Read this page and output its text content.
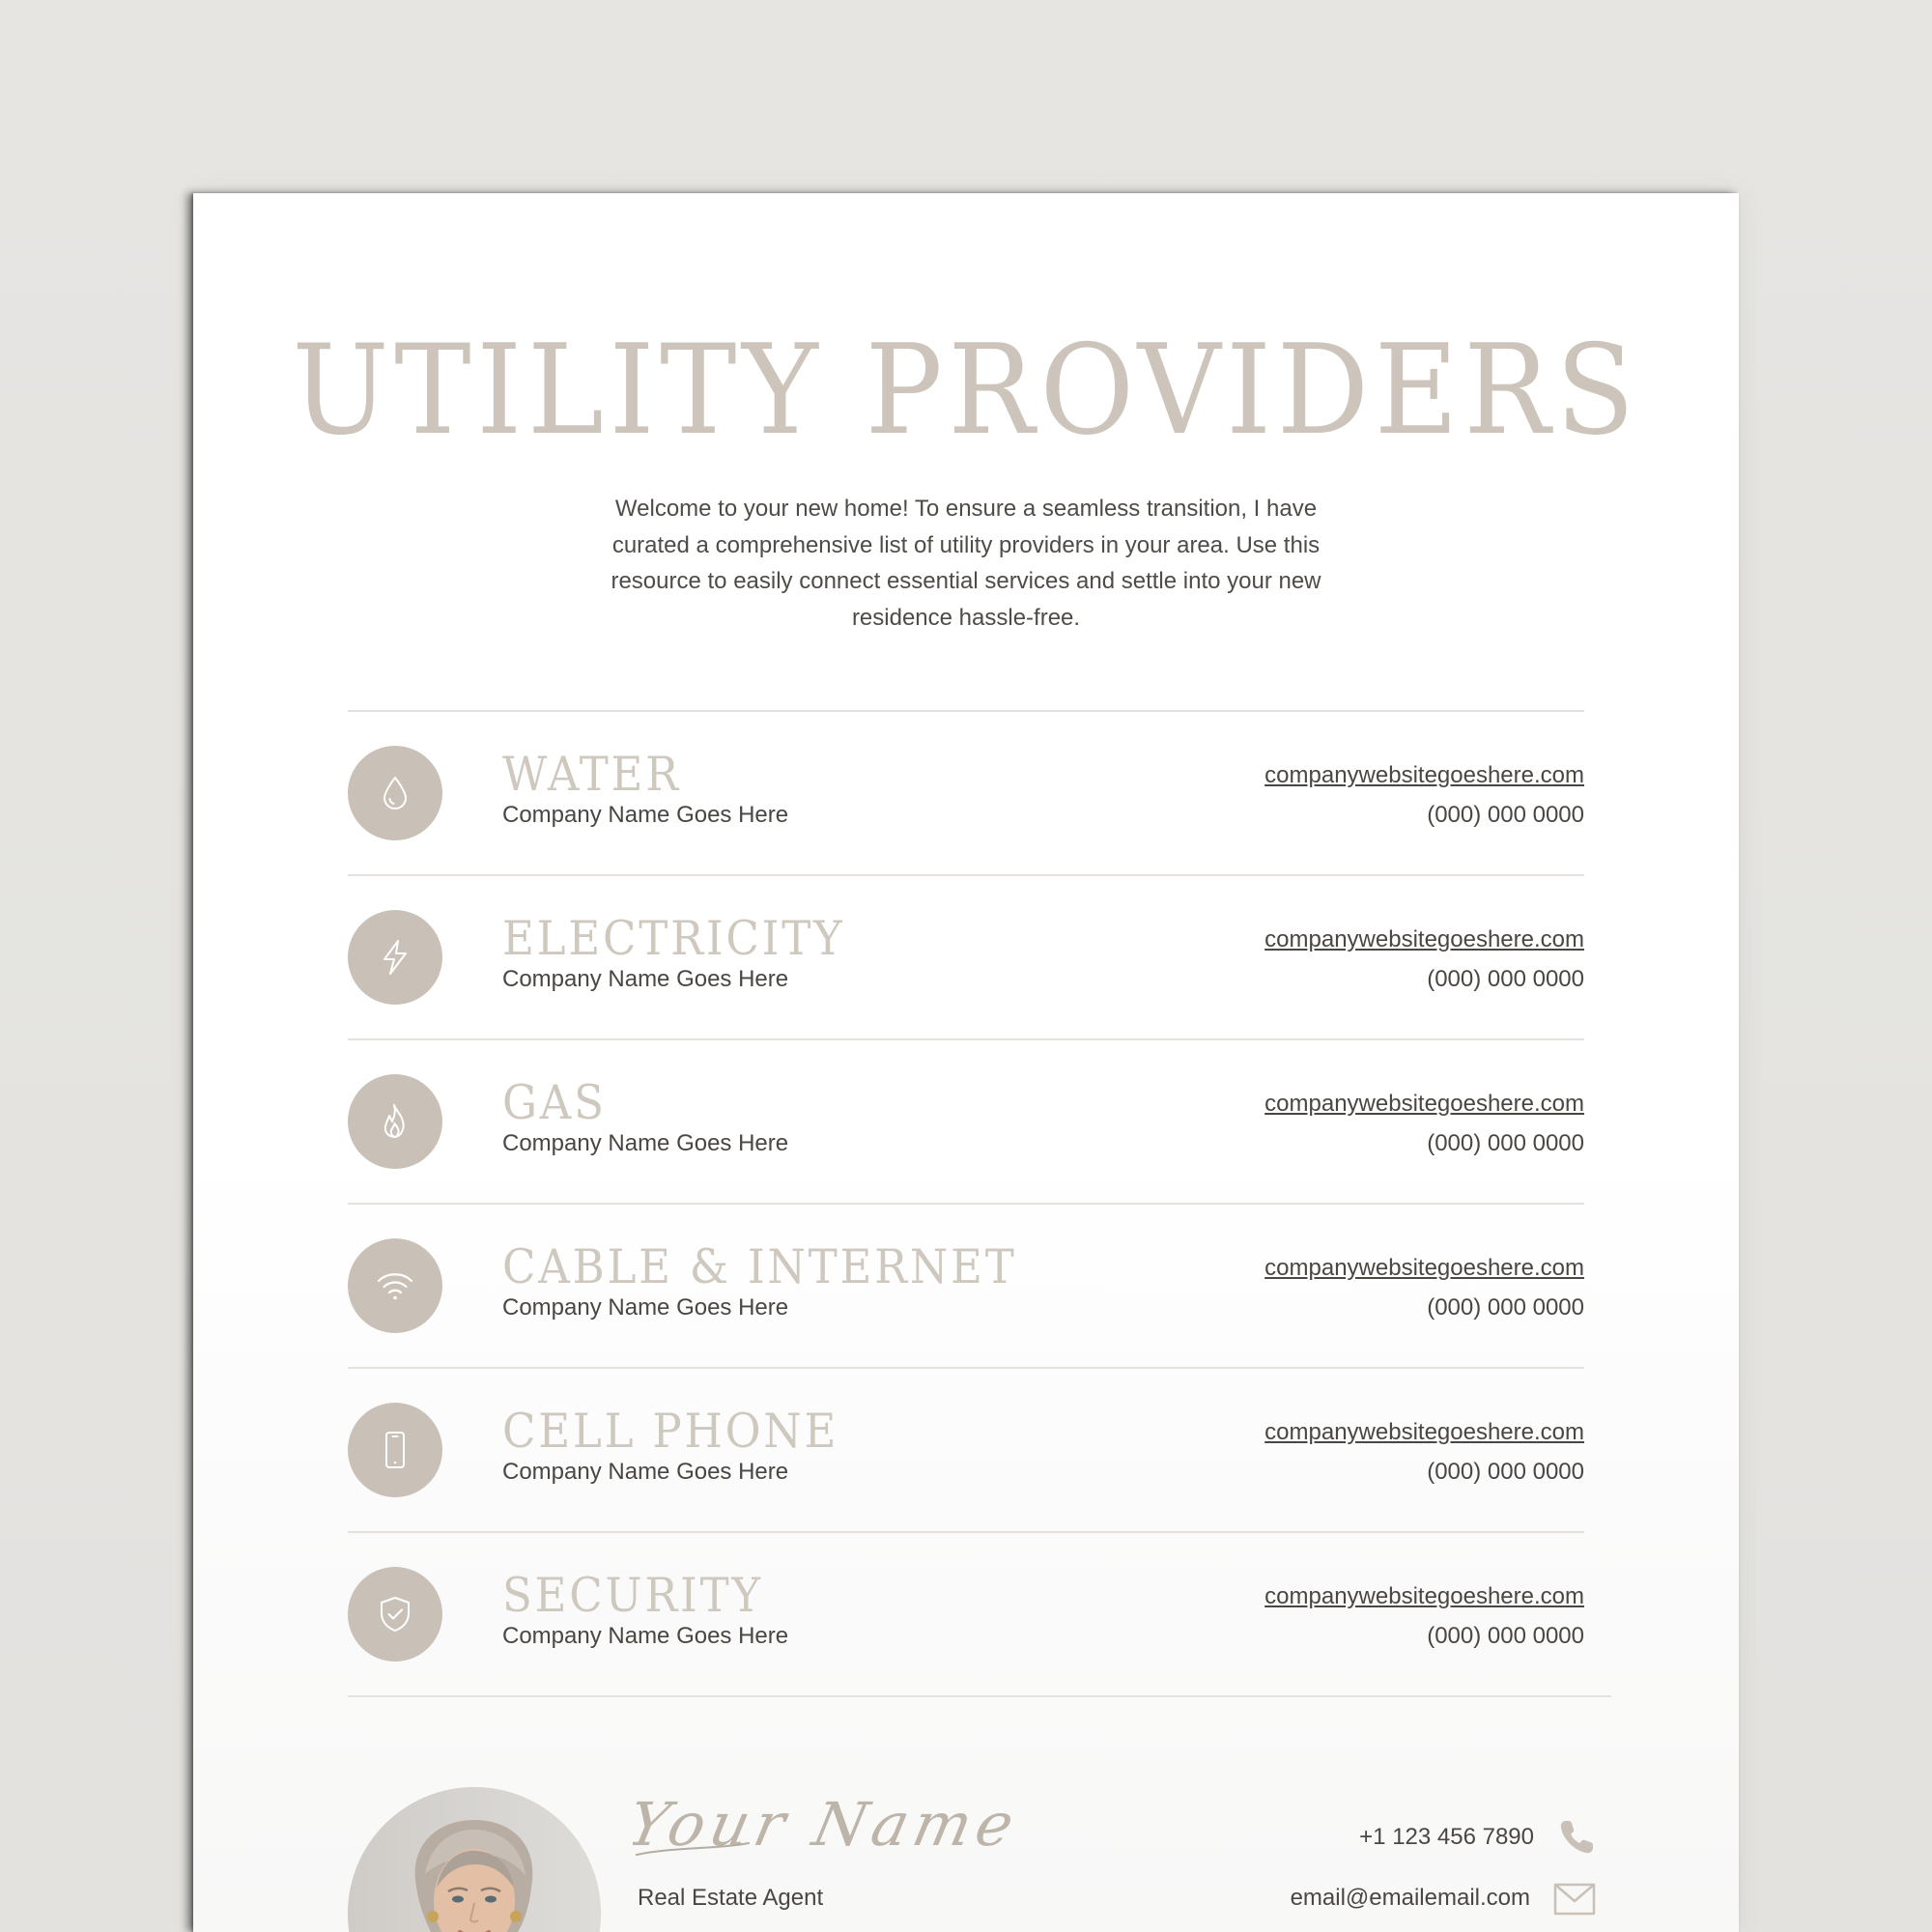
UTILITY PROVIDERS

Welcome to your new home! To ensure a seamless transition, I have curated a comprehensive list of utility providers in your area. Use this resource to easily connect essential services and settle into your new residence hassle-free.

WATER
Company Name Goes Here
companywebsitegoeshere.com
(000) 000 0000
ELECTRICITY
Company Name Goes Here
companywebsitegoeshere.com
(000) 000 0000
GAS
Company Name Goes Here
companywebsitegoeshere.com
(000) 000 0000
CABLE & INTERNET
Company Name Goes Here
companywebsitegoeshere.com
(000) 000 0000
CELL PHONE
Company Name Goes Here
companywebsitegoeshere.com
(000) 000 0000
SECURITY
Company Name Goes Here
companywebsitegoeshere.com
(000) 000 0000
Your Name
Real Estate Agent
+1 123 456 7890
email@emailemail.com
